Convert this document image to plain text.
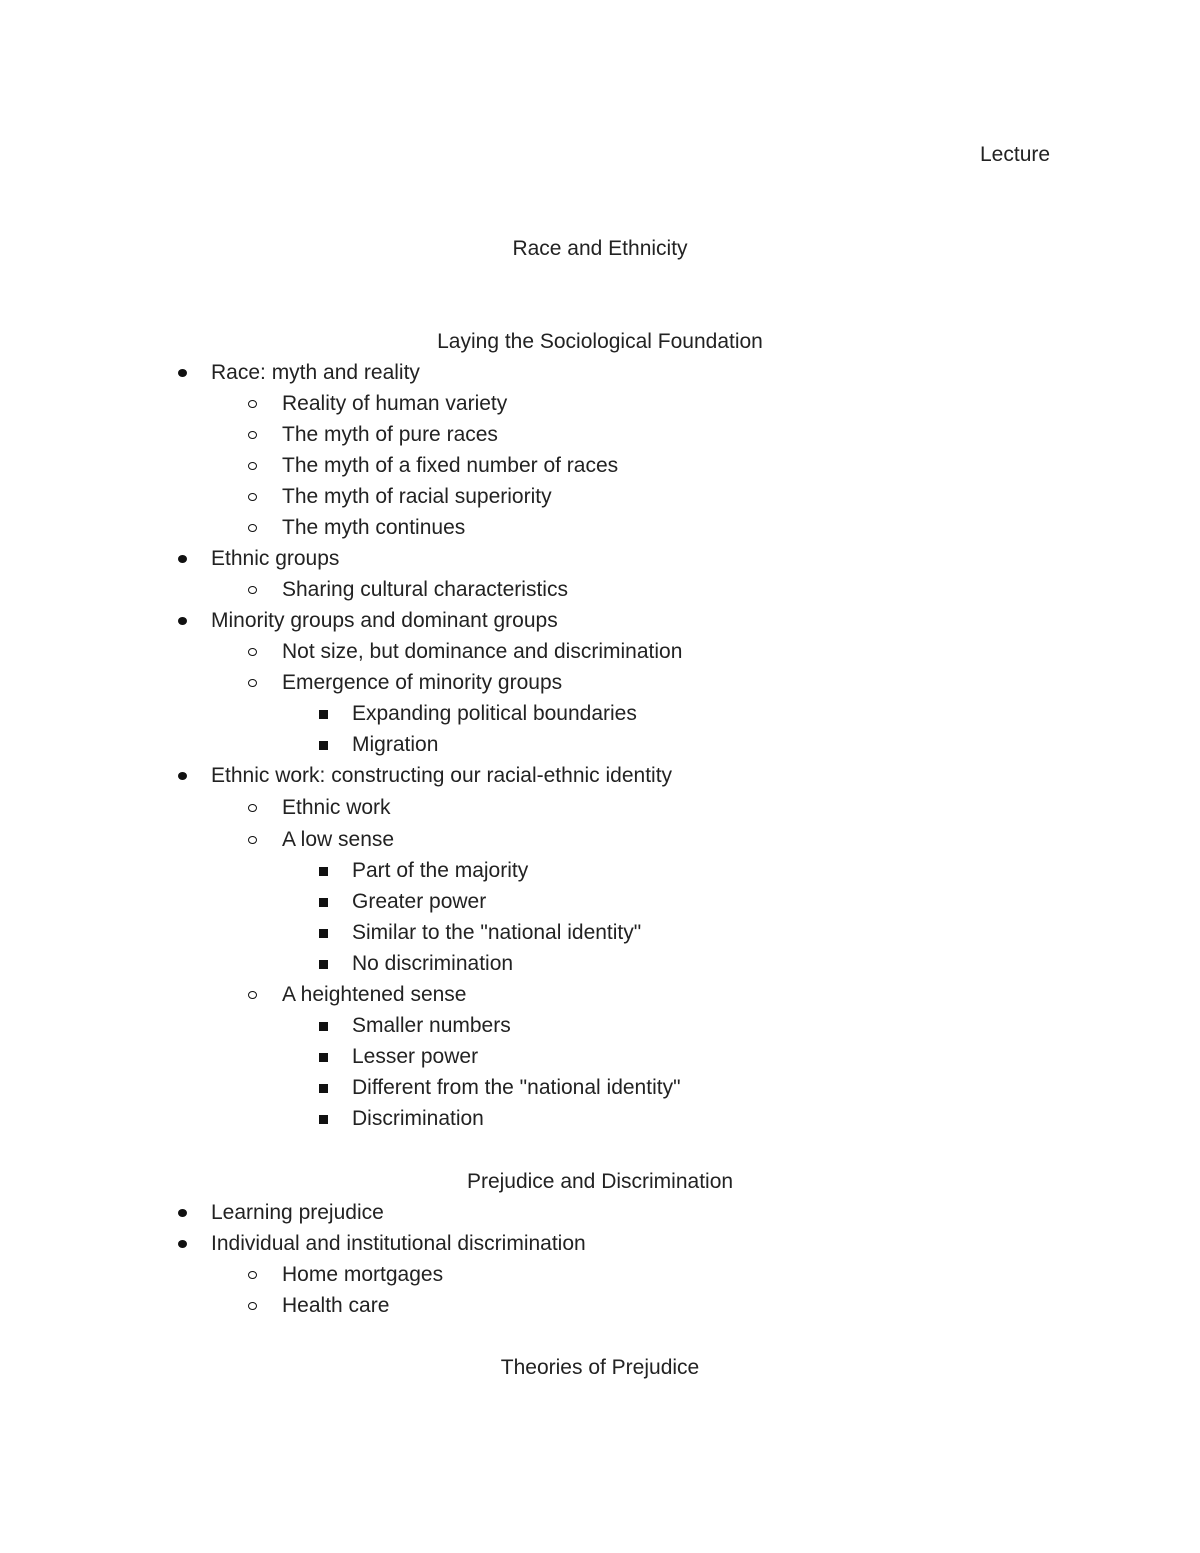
Lecture
Race and Ethnicity
Laying the Sociological Foundation
Race: myth and reality
Reality of human variety
The myth of pure races
The myth of a fixed number of races
The myth of racial superiority
The myth continues
Ethnic groups
Sharing cultural characteristics
Minority groups and dominant groups
Not size, but dominance and discrimination
Emergence of minority groups
Expanding political boundaries
Migration
Ethnic work: constructing our racial-ethnic identity
Ethnic work
A low sense
Part of the majority
Greater power
Similar to the "national identity"
No discrimination
A heightened sense
Smaller numbers
Lesser power
Different from the "national identity"
Discrimination
Prejudice and Discrimination
Learning prejudice
Individual and institutional discrimination
Home mortgages
Health care
Theories of Prejudice
